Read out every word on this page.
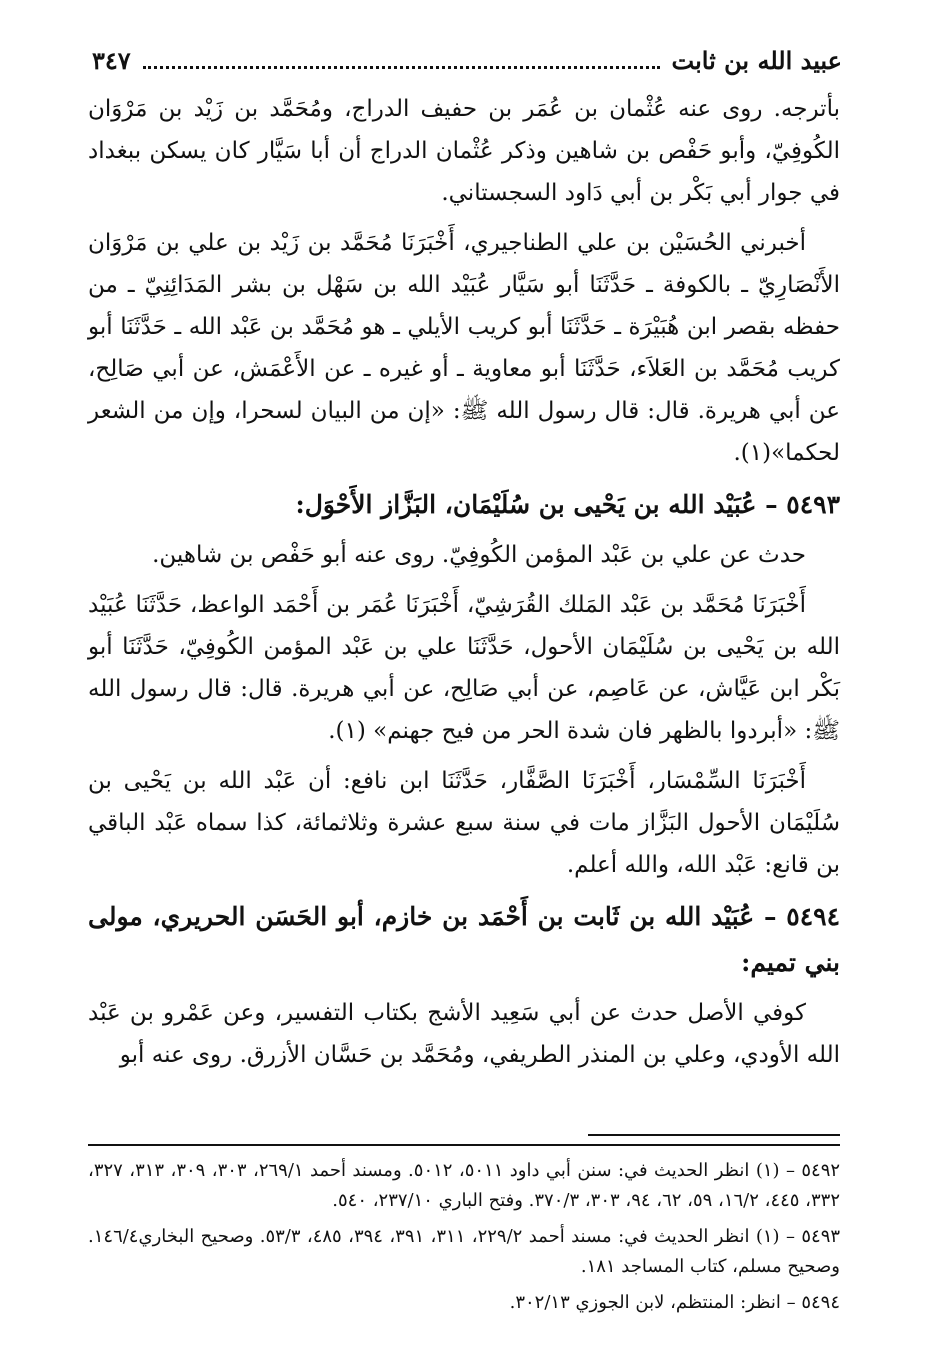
عبيد الله بن ثابت
٣٤٧

بأترجه. روى عنه عُثْمان بن عُمَر بن حفيف الدراج، ومُحَمَّد بن زَيْد بن مَرْوَان الكُوفِيّ، وأبو حَفْص بن شاهين وذكر عُثْمان الدراج أن أبا سَيَّار كان يسكن ببغداد في جوار أبي بَكْر بن أبي دَاود السجستاني.

أخبرني الحُسَيْن بن علي الطناجيري، أَخْبَرَنَا مُحَمَّد بن زَيْد بن علي بن مَرْوَان الأَنْصَارِيّ ـ بالكوفة ـ حَدَّثَنَا أبو سَيَّار عُبَيْد الله بن سَهْل بن بشر المَدَائِنِيّ ـ من حفظه بقصر ابن هُبَيْرَة ـ حَدَّثَنَا أبو كريب الأيلي ـ هو مُحَمَّد بن عَبْد الله ـ حَدَّثَنَا أبو كريب مُحَمَّد بن العَلاَء، حَدَّثَنَا أبو معاوية ـ أو غيره ـ عن الأَعْمَش، عن أبي صَالِح، عن أبي هريرة. قال: قال رسول الله ﷺ: «إن من البيان لسحرا، وإن من الشعر لحكما»(١).

٥٤٩٣ – عُبَيْد الله بن يَحْيى بن سُلَيْمَان، البَزَّاز الأَحْوَل:

حدث عن علي بن عَبْد المؤمن الكُوفِيّ. روى عنه أبو حَفْص بن شاهين.

أَخْبَرَنَا مُحَمَّد بن عَبْد المَلك القُرَشِيّ، أَخْبَرَنَا عُمَر بن أَحْمَد الواعظ، حَدَّثَنَا عُبَيْد الله بن يَحْيى بن سُلَيْمَان الأحول، حَدَّثَنَا علي بن عَبْد المؤمن الكُوفِيّ، حَدَّثَنَا أبو بَكْر ابن عَيَّاش، عن عَاصِم، عن أبي صَالِح، عن أبي هريرة. قال: قال رسول الله ﷺ: «أبردوا بالظهر فان شدة الحر من فيح جهنم» (١).

أَخْبَرَنَا السِّمْسَار، أَخْبَرَنَا الصَّفَّار، حَدَّثَنَا ابن نافع: أن عَبْد الله بن يَحْيى بن سُلَيْمَان الأحول البَزَّاز مات في سنة سبع عشرة وثلاثمائة، كذا سماه عَبْد الباقي بن قانع: عَبْد الله، والله أعلم.

٥٤٩٤ – عُبَيْد الله بن ثَابت بن أَحْمَد بن خازم، أبو الحَسَن الحريري، مولى بني تميم:

كوفي الأصل حدث عن أبي سَعِيد الأشج بكتاب التفسير، وعن عَمْرو بن عَبْد الله الأودي، وعلي بن المنذر الطريفي، ومُحَمَّد بن حَسَّان الأزرق. روى عنه أبو

٥٤٩٢ – (١) انظر الحديث في: سنن أبي داود ٥٠١١، ٥٠١٢. ومسند أحمد ٢٦٩/١، ٣٠٣، ٣٠٩، ٣١٣، ٣٢٧، ٣٣٢، ٤٤٥، ١٦/٢، ٥٩، ٦٢، ٩٤، ٣٠٣، ٣٧٠/٣. وفتح الباري ٢٣٧/١٠، ٥٤٠.
٥٤٩٣ – (١) انظر الحديث في: مسند أحمد ٢٢٩/٢، ٣١١، ٣٩١، ٣٩٤، ٤٨٥، ٥٣/٣. وصحيح البخاري١٤٦/٤. وصحيح مسلم، كتاب المساجد ١٨١.
٥٤٩٤ – انظر: المنتظم، لابن الجوزي ٣٠٢/١٣.
